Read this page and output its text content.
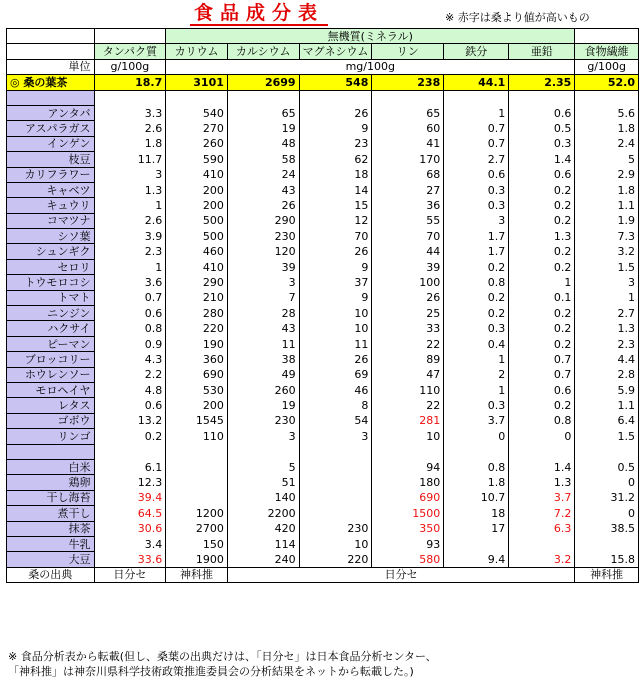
食品成分表	※ 赤字は桑より値が高いもの
		無機質(ミネラル)						
	タンパク質	カリウム	カルシウム	マグネシウム	リン	鉄分	亜鉛	食物繊維
単位	g/100g	mg/100g						g/100g
◎ 桑の葉茶	18.7	3101	2699	548	238	44.1	2.35	52.0

アンタバ	3.3	540	65	26	65	1	0.6	5.6
アスパラガス	2.6	270	19	9	60	0.7	0.5	1.8
インゲン	1.8	260	48	23	41	0.7	0.3	2.4
枝豆	11.7	590	58	62	170	2.7	1.4	5
カリフラワー	3	410	24	18	68	0.6	0.6	2.9
キャベツ	1.3	200	43	14	27	0.3	0.2	1.8
キュウリ	1	200	26	15	36	0.3	0.2	1.1
コマツナ	2.6	500	290	12	55	3	0.2	1.9
シソ葉	3.9	500	230	70	70	1.7	1.3	7.3
シュンギク	2.3	460	120	26	44	1.7	0.2	3.2
セロリ	1	410	39	9	39	0.2	0.2	1.5
トウモロコシ	3.6	290	3	37	100	0.8	1	3
トマト	0.7	210	7	9	26	0.2	0.1	1
ニンジン	0.6	280	28	10	25	0.2	0.2	2.7
ハクサイ	0.8	220	43	10	33	0.3	0.2	1.3
ピーマン	0.9	190	11	11	22	0.4	0.2	2.3
ブロッコリー	4.3	360	38	26	89	1	0.7	4.4
ホウレンソー	2.2	690	49	69	47	2	0.7	2.8
モロヘイヤ	4.8	530	260	46	110	1	0.6	5.9
レタス	0.6	200	19	8	22	0.3	0.2	1.1
ゴボウ	13.2	1545	230	54	281	3.7	0.8	6.4
リンゴ	0.2	110	3	3	10	0	0	1.5

白米	6.1		5		94	0.8	1.4	0.5
鶏卵	12.3		51		180	1.8	1.3	0
干し海苔	39.4		140		690	10.7	3.7	31.2
煮干し	64.5	1200	2200		1500	18	7.2	0
抹茶	30.6	2700	420	230	350	17	6.3	38.5
牛乳	3.4	150	114	10	93			
大豆	33.6	1900	240	220	580	9.4	3.2	15.8
桑の出典	日分セ	神科推	日分セ					神科推
※ 食品分析表から転載(但し、桑葉の出典だけは、「日分セ」は日本食品分析センター、
「神科推」は神奈川県科学技術政策推進委員会の分析結果をネットから転載した。)
